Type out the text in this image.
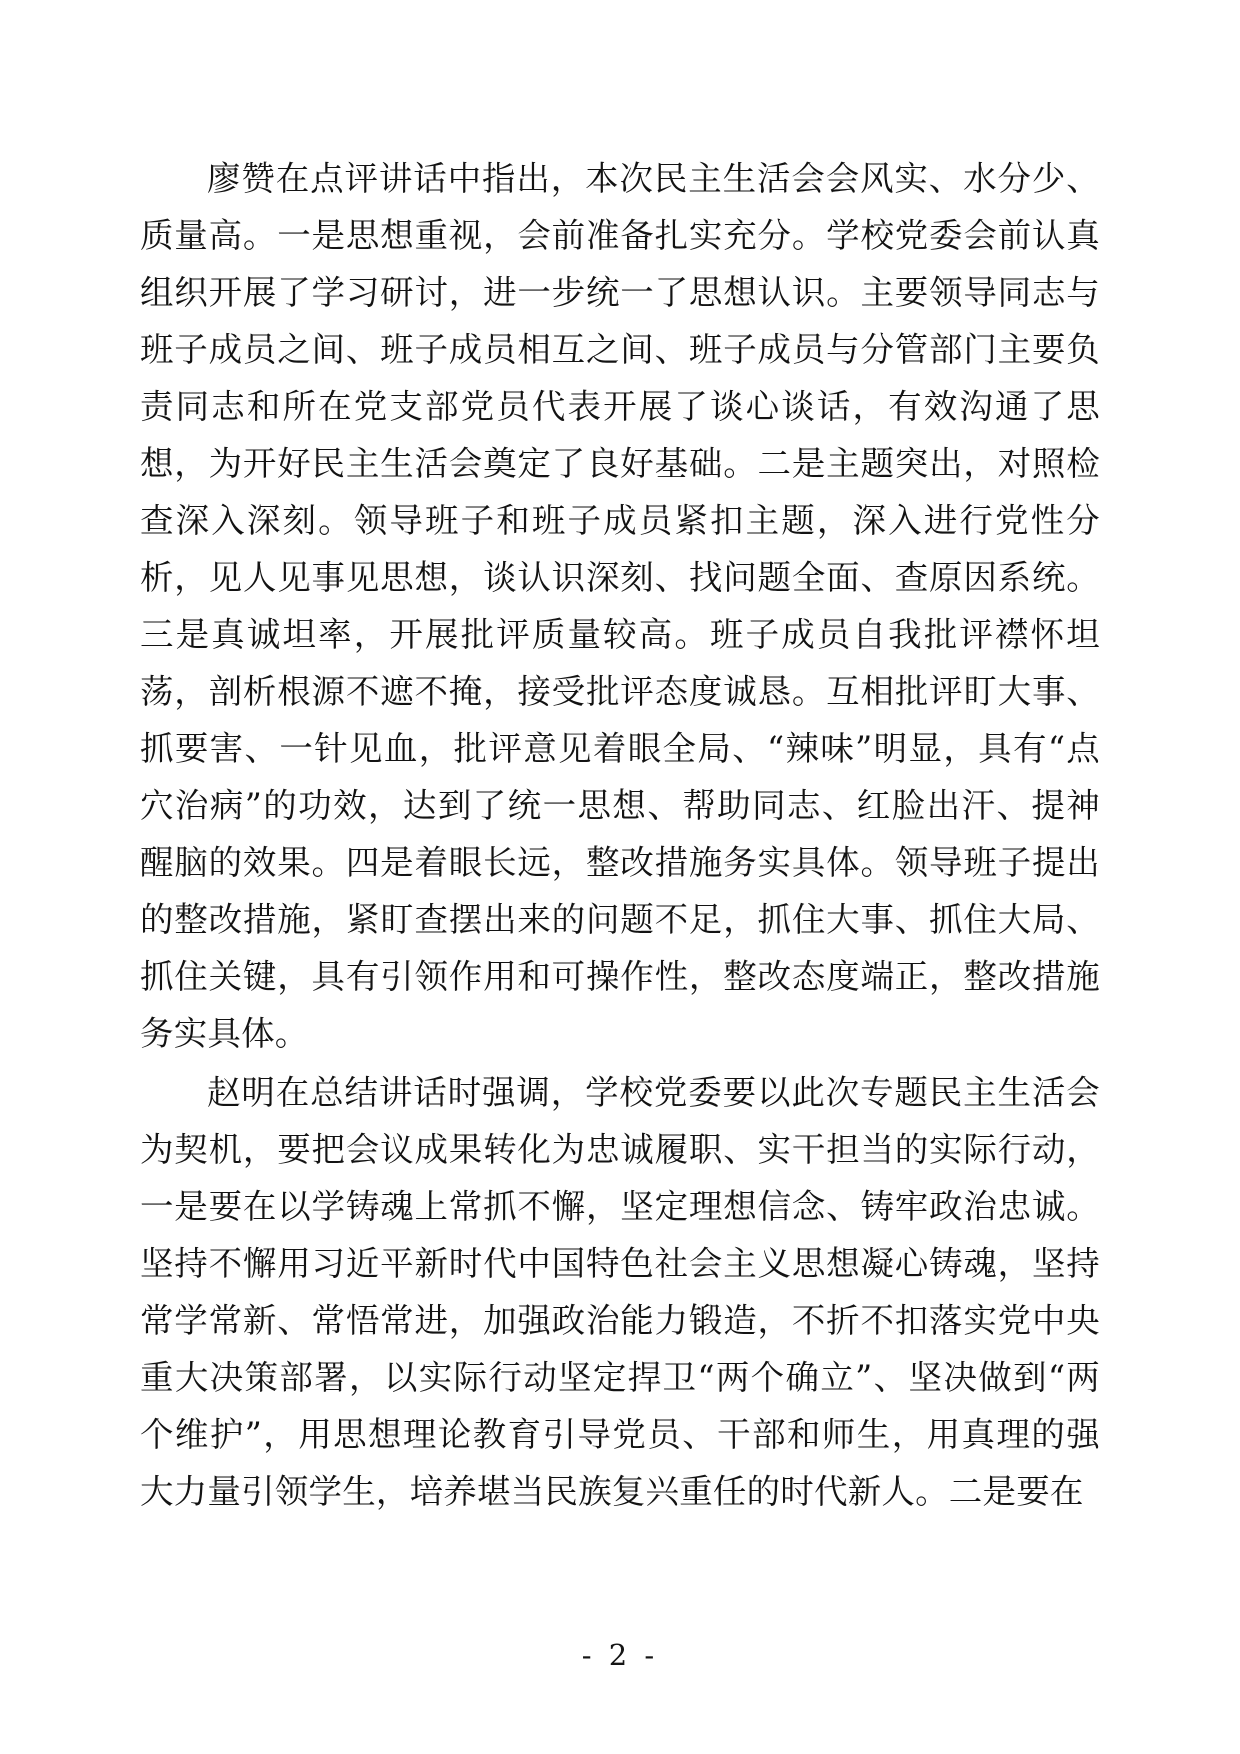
廖赞在点评讲话中指出，本次民主生活会会风实、水分少、质量高。一是思想重视，会前准备扎实充分。学校党委会前认真组织开展了学习研讨，进一步统一了思想认识。主要领导同志与班子成员之间、班子成员相互之间、班子成员与分管部门主要负责同志和所在党支部党员代表开展了谈心谈话，有效沟通了思想，为开好民主生活会奠定了良好基础。二是主题突出，对照检查深入深刻。领导班子和班子成员紧扣主题，深入进行党性分析，见人见事见思想，谈认识深刻、找问题全面、查原因系统。三是真诚坦率，开展批评质量较高。班子成员自我批评襟怀坦荡，剖析根源不遮不掩，接受批评态度诚恳。互相批评盯大事、抓要害、一针见血，批评意见着眼全局、“辣味”明显，具有“点穴治病”的功效，达到了统一思想、帮助同志、红脸出汗、提神醒脑的效果。四是着眼长远，整改措施务实具体。领导班子提出的整改措施，紧盯查摆出来的问题不足，抓住大事、抓住大局、抓住关键，具有引领作用和可操作性，整改态度端正，整改措施务实具体。

赵明在总结讲话时强调，学校党委要以此次专题民主生活会为契机，要把会议成果转化为忠诚履职、实干担当的实际行动，一是要在以学铸魂上常抓不懈，坚定理想信念、铸牢政治忠诚。坚持不懈用习近平新时代中国特色社会主义思想凝心铸魂，坚持常学常新、常悟常进，加强政治能力锻造，不折不扣落实党中央重大决策部署，以实际行动坚定捍卫“两个确立”、坚决做到“两个维护”，用思想理论教育引导党员、干部和师生，用真理的强大力量引领学生，培养堪当民族复兴重任的时代新人。二是要在

- 2 -
